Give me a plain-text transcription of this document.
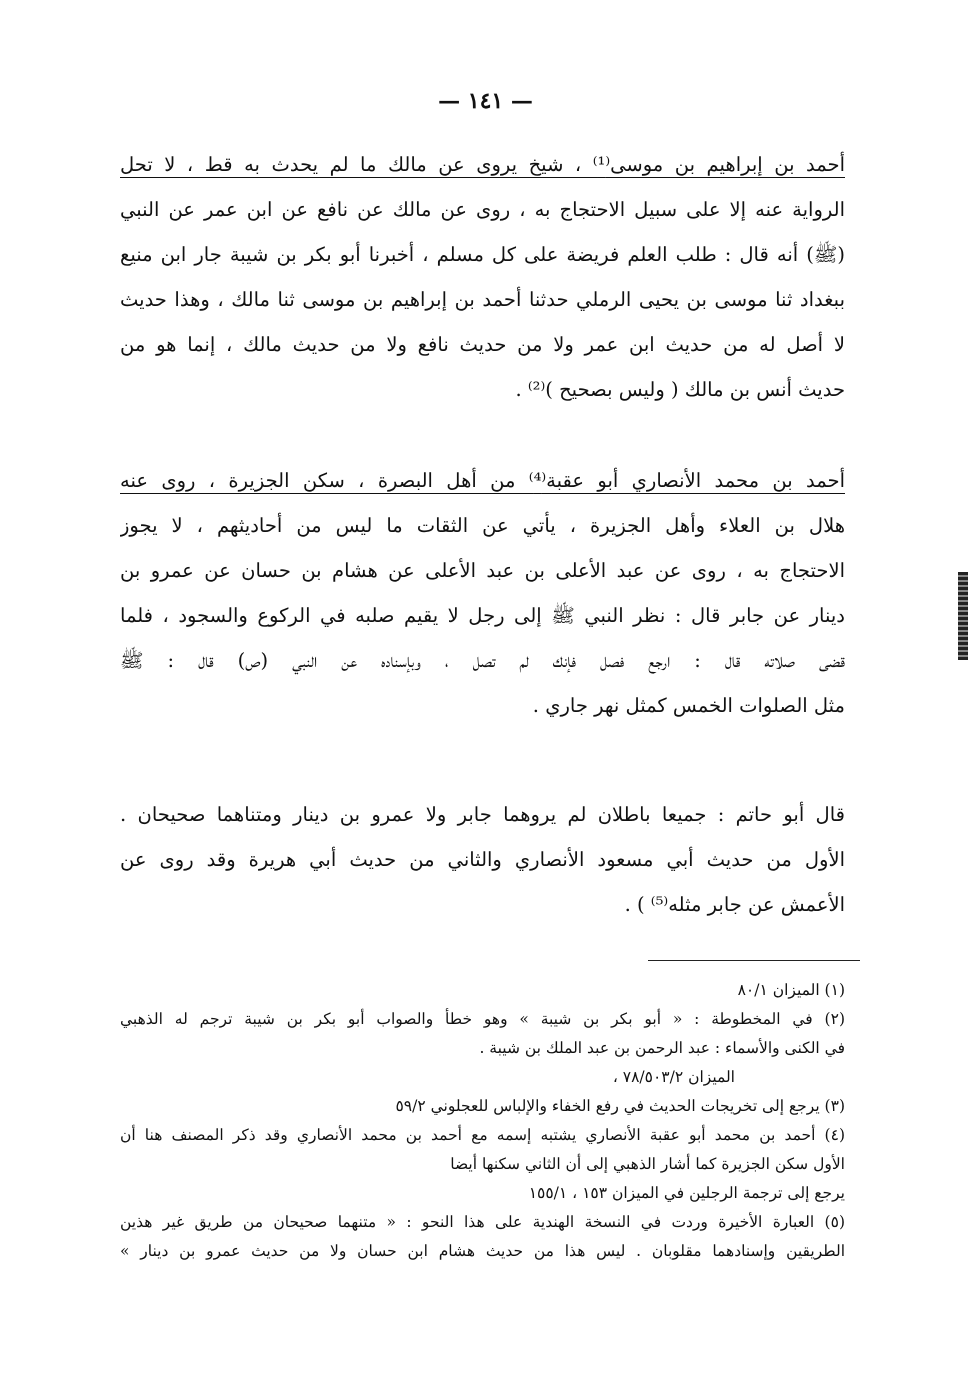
— ١٤١ —
أحمد بن إبراهيم بن موسى⁽¹⁾ ، شيخ يروى عن مالك ما لم يحدث به قط ، لا تحل
الرواية عنه إلا على سبيل الاحتجاج به ، روى عن مالك عن نافع عن ابن عمر عن النبي
(ﷺ) أنه قال : طلب العلم فريضة على كل مسلم ، أخبرنا أبو بكر بن شيبة جار ابن منيع
ببغداد ثنا موسى بن يحيى الرملي حدثنا أحمد بن إبراهيم بن موسى ثنا مالك ، وهذا حديث
لا أصل له من حديث ابن عمر ولا من حديث نافع ولا من حديث مالك ، إنما هو من
حديث أنس بن مالك ( وليس بصحيح )⁽²⁾ .
أحمد بن محمد الأنصاري أبو عقبة⁽⁴⁾ من أهل البصرة ، سكن الجزيرة ، روى عنه
هلال بن العلاء وأهل الجزيرة ، يأتي عن الثقات ما ليس من أحاديثهم ، لا يجوز
الاحتجاج به ، روى عن عبد الأعلى بن عبد الأعلى عن هشام بن حسان عن عمرو بن
دينار عن جابر قال : نظر النبي ﷺ إلى رجل لا يقيم صلبه في الركوع والسجود ، فلما
قضى صلاته قال : ارجع فصل فإنك لم تصل ، وبإسناده عن النبي (ص) قال : ﷺ
مثل الصلوات الخمس كمثل نهر جاري .
قال أبو حاتم : جميعا باطلان لم يروهما جابر ولا عمرو بن دينار ومتناهما صحيحان .
الأول من حديث أبي مسعود الأنصاري والثاني من حديث أبي هريرة وقد روى عن
الأعمش عن جابر مثله⁽⁵⁾ ) .
(١) الميزان ٨٠/١
(٢) في المخطوطة : « أبو بكر بن شيبة » وهو خطأ والصواب أبو بكر بن شيبة ترجم له الذهبي
في الكنى والأسماء : عبد الرحمن بن عبد الملك بن شيبة .
الميزان ٧٨/٥٠٣/٢ ،
(٣) يرجع إلى تخريجات الحديث في رفع الخفاء والإلباس للعجلوني ٥٩/٢
(٤) أحمد بن محمد أبو عقبة الأنصاري يشتبه إسمه مع أحمد بن محمد الأنصاري وقد ذكر المصنف هنا أن
الأول سكن الجزيرة كما أشار الذهبي إلى أن الثاني سكنها أيضا
يرجع إلى ترجمة الرجلين في الميزان ١٥٣ ، ١٥٥/١
(٥) العبارة الأخيرة وردت في النسخة الهندية على هذا النحو : « متنهما صحيحان من طريق غير هذين
الطريقين وإسنادهما مقلوبان . ليس هذا من حديث هشام ابن حسان ولا من حديث عمرو بن دينار »
